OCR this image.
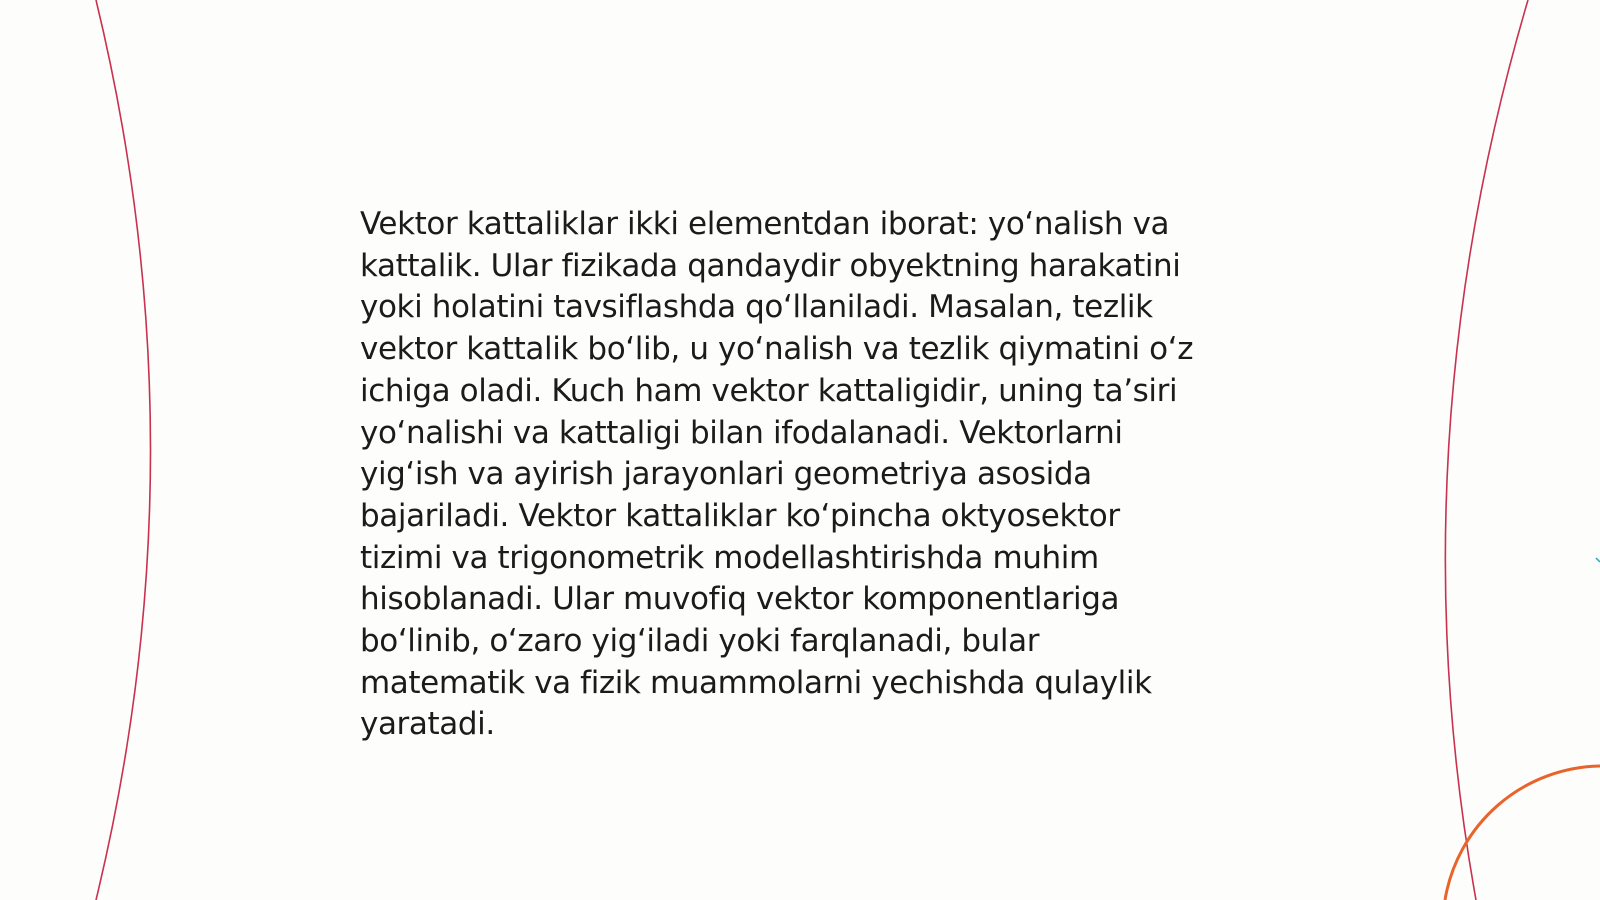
Vektor kattaliklar ikki elementdan iborat: yo‘nalish va
kattalik. Ular fizikada qandaydir obyektning harakatini
yoki holatini tavsiflashda qo‘llaniladi. Masalan, tezlik
vektor kattalik bo‘lib, u yo‘nalish va tezlik qiymatini o‘z
ichiga oladi. Kuch ham vektor kattaligidir, uning ta’siri
yo‘nalishi va kattaligi bilan ifodalanadi. Vektorlarni
yig‘ish va ayirish jarayonlari geometriya asosida
bajariladi. Vektor kattaliklar ko‘pincha oktyosektor
tizimi va trigonometrik modellashtirishda muhim
hisoblanadi. Ular muvofiq vektor komponentlariga
bo‘linib, o‘zaro yig‘iladi yoki farqlanadi, bular
matematik va fizik muammolarni yechishda qulaylik
yaratadi.
